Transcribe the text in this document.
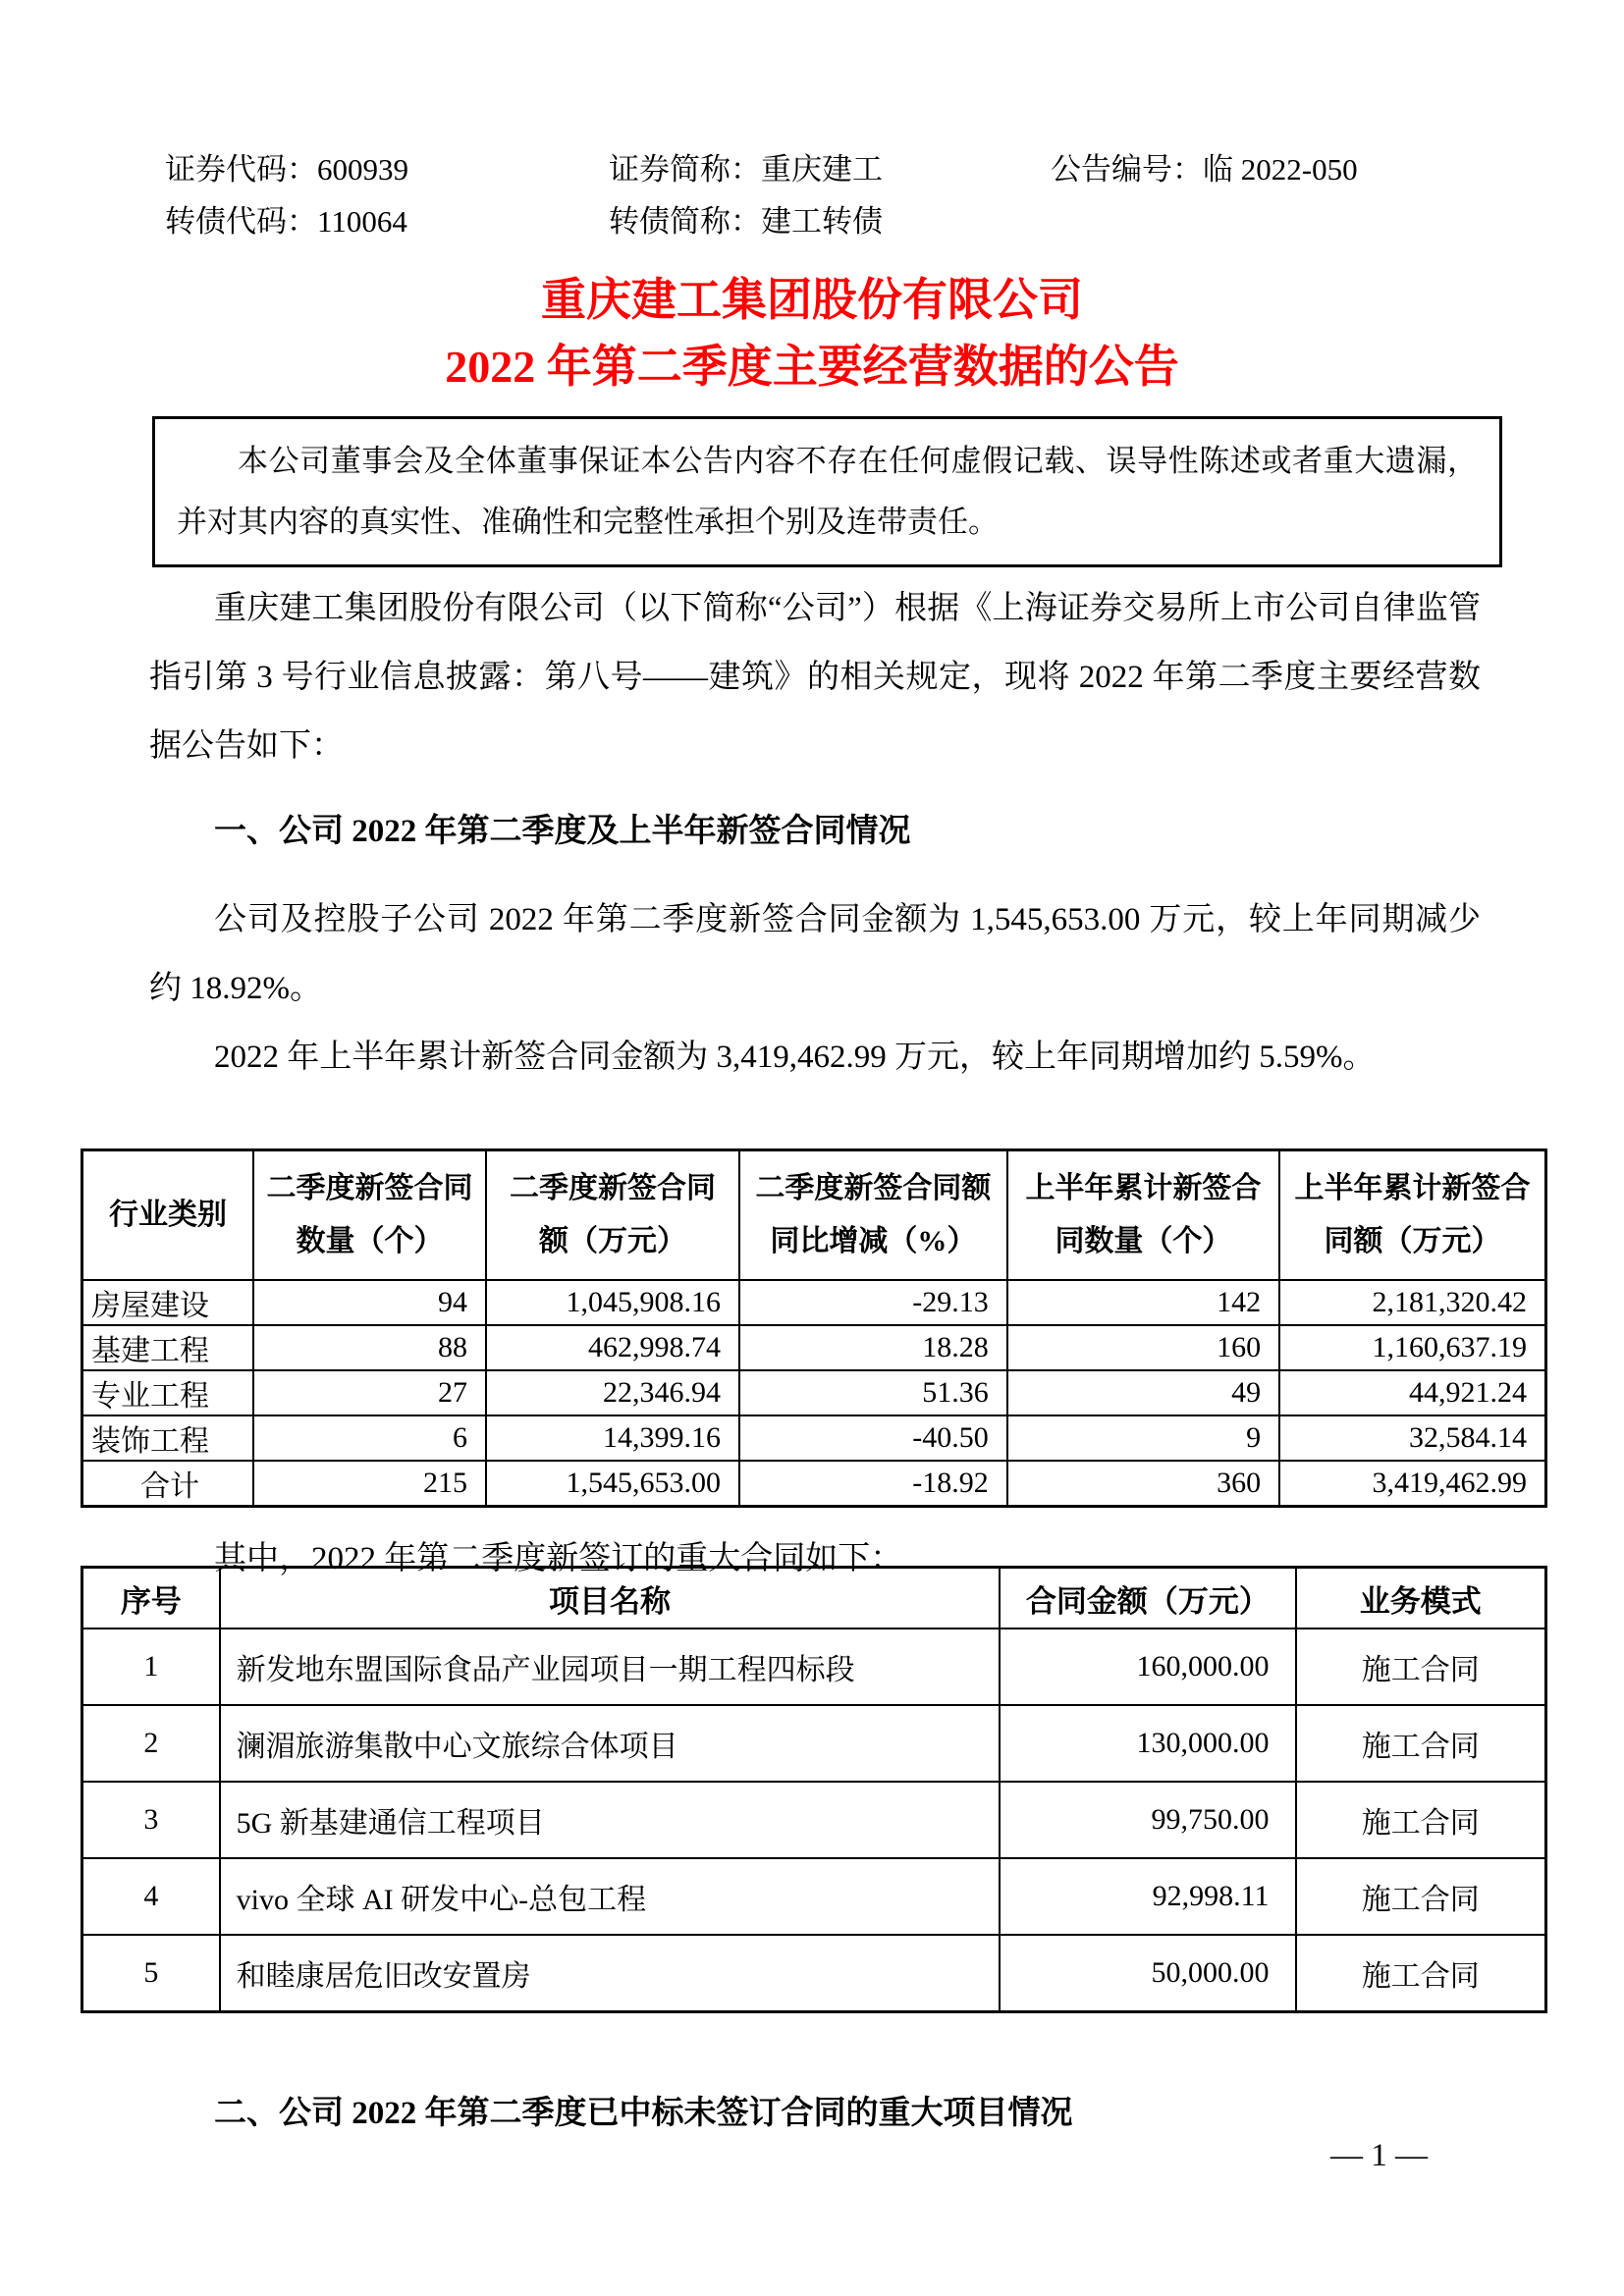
证券代码：600939	证券简称：重庆建工	公告编号：临 2022-050
转债代码：110064	转债简称：建工转债
重庆建工集团股份有限公司
2022 年第二季度主要经营数据的公告

本公司董事会及全体董事保证本公告内容不存在任何虚假记载、误导性陈述或者重大遗漏，并对其内容的真实性、准确性和完整性承担个别及连带责任。

重庆建工集团股份有限公司（以下简称“公司”）根据《上海证券交易所上市公司自律监管指引第 3 号行业信息披露：第八号——建筑》的相关规定，现将 2022 年第二季度主要经营数据公告如下：

一、公司 2022 年第二季度及上半年新签合同情况

公司及控股子公司 2022 年第二季度新签合同金额为 1,545,653.00 万元，较上年同期减少约 18.92%。

2022 年上半年累计新签合同金额为 3,419,462.99 万元，较上年同期增加约 5.59%。

行业类别	二季度新签合同数量（个）	二季度新签合同额（万元）	二季度新签合同额同比增减（%）	上半年累计新签合同数量（个）	上半年累计新签合同额（万元）
房屋建设	94	1,045,908.16	-29.13	142	2,181,320.42
基建工程	88	462,998.74	18.28	160	1,160,637.19
专业工程	27	22,346.94	51.36	49	44,921.24
装饰工程	6	14,399.16	-40.50	9	32,584.14
合计	215	1,545,653.00	-18.92	360	3,419,462.99

其中，2022 年第二季度新签订的重大合同如下：

序号	项目名称	合同金额（万元）	业务模式
1	新发地东盟国际食品产业园项目一期工程四标段	160,000.00	施工合同
2	澜湄旅游集散中心文旅综合体项目	130,000.00	施工合同
3	5G 新基建通信工程项目	99,750.00	施工合同
4	vivo 全球 AI 研发中心-总包工程	92,998.11	施工合同
5	和睦康居危旧改安置房	50,000.00	施工合同

二、公司 2022 年第二季度已中标未签订合同的重大项目情况

— 1 —
